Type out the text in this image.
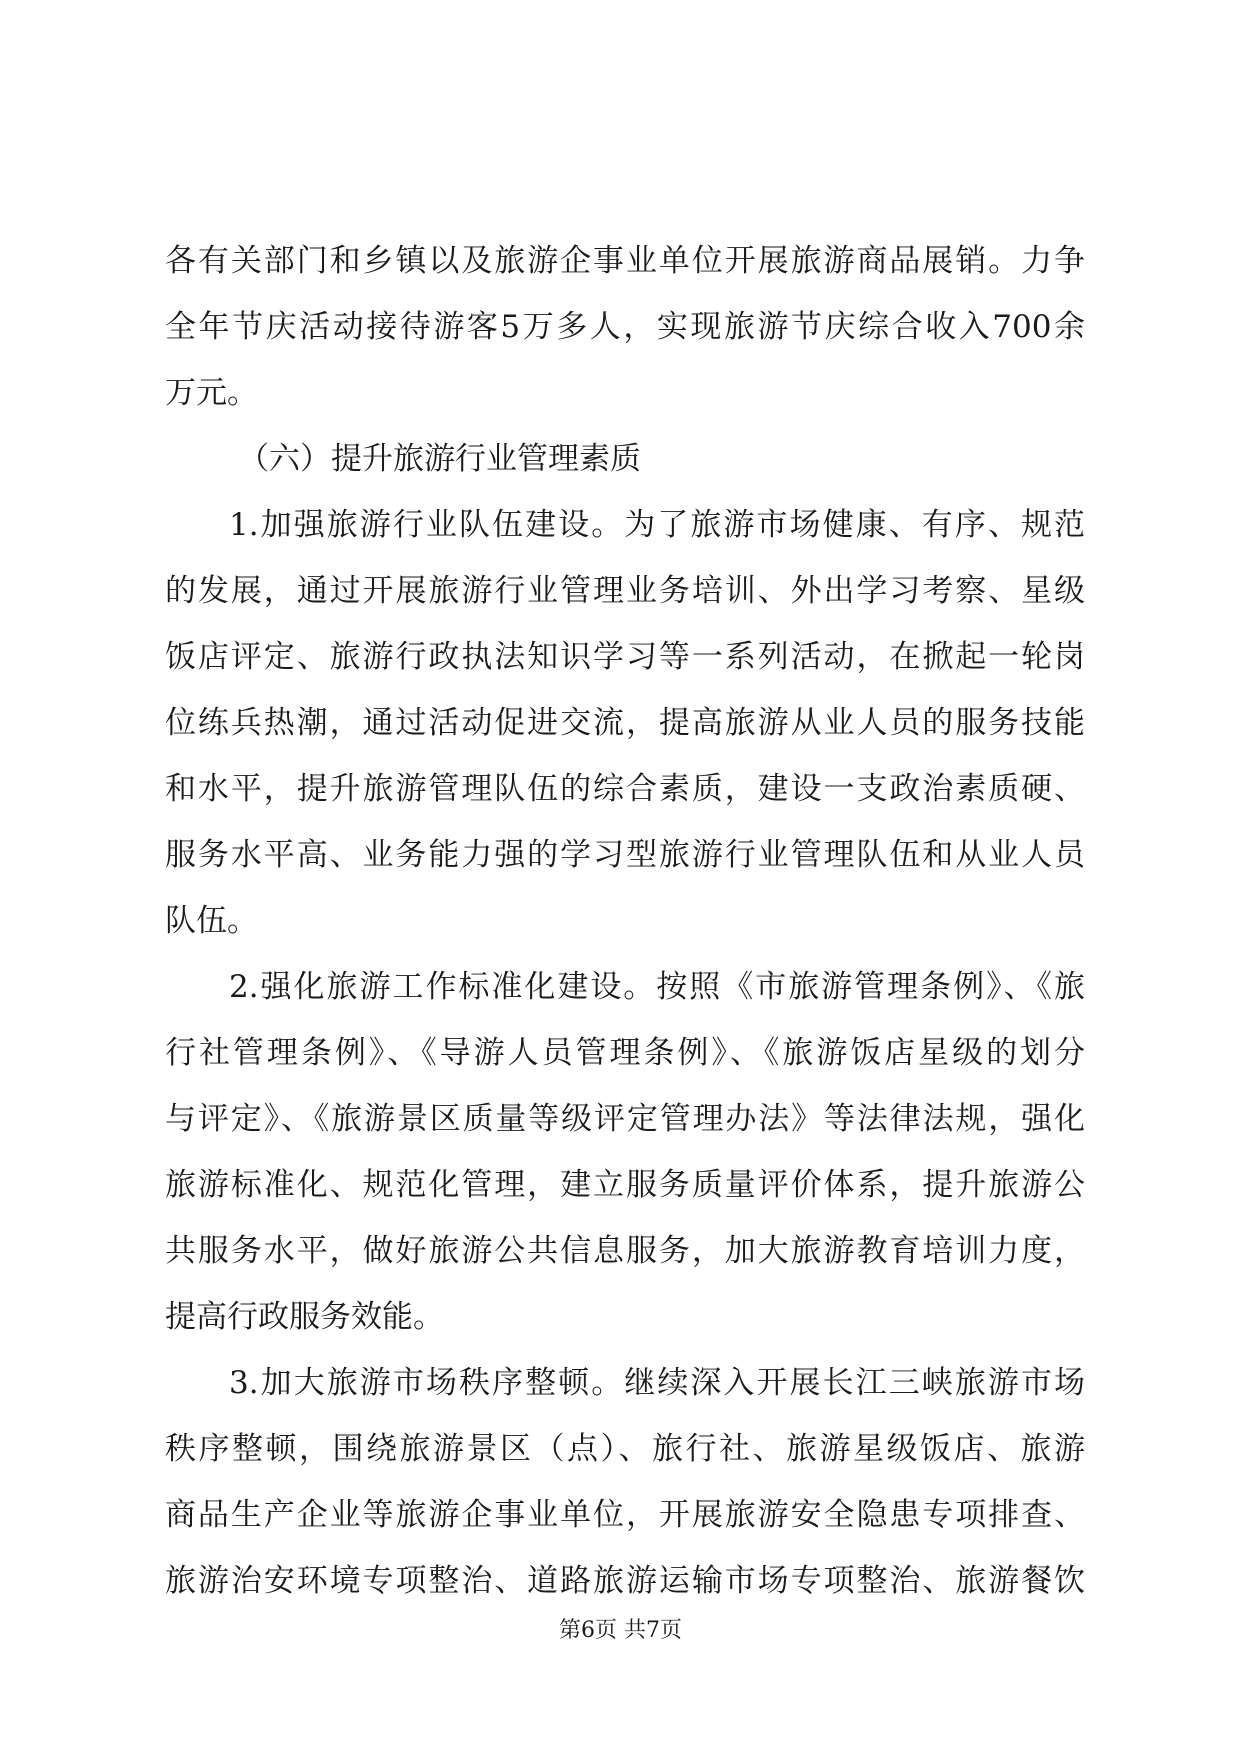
各有关部门和乡镇以及旅游企事业单位开展旅游商品展销。力争
全年节庆活动接待游客5万多人，实现旅游节庆综合收入700余
万元。
（六）提升旅游行业管理素质
1.加强旅游行业队伍建设。为了旅游市场健康、有序、规范
的发展，通过开展旅游行业管理业务培训、外出学习考察、星级
饭店评定、旅游行政执法知识学习等一系列活动，在掀起一轮岗
位练兵热潮，通过活动促进交流，提高旅游从业人员的服务技能
和水平，提升旅游管理队伍的综合素质，建设一支政治素质硬、
服务水平高、业务能力强的学习型旅游行业管理队伍和从业人员
队伍。
2.强化旅游工作标准化建设。按照《市旅游管理条例》、《旅
行社管理条例》、《导游人员管理条例》、《旅游饭店星级的划分
与评定》、《旅游景区质量等级评定管理办法》等法律法规，强化
旅游标准化、规范化管理，建立服务质量评价体系，提升旅游公
共服务水平，做好旅游公共信息服务，加大旅游教育培训力度，
提高行政服务效能。
3.加大旅游市场秩序整顿。继续深入开展长江三峡旅游市场
秩序整顿，围绕旅游景区（点）、旅行社、旅游星级饭店、旅游
商品生产企业等旅游企事业单位，开展旅游安全隐患专项排查、
旅游治安环境专项整治、道路旅游运输市场专项整治、旅游餐饮
第6页 共7页
